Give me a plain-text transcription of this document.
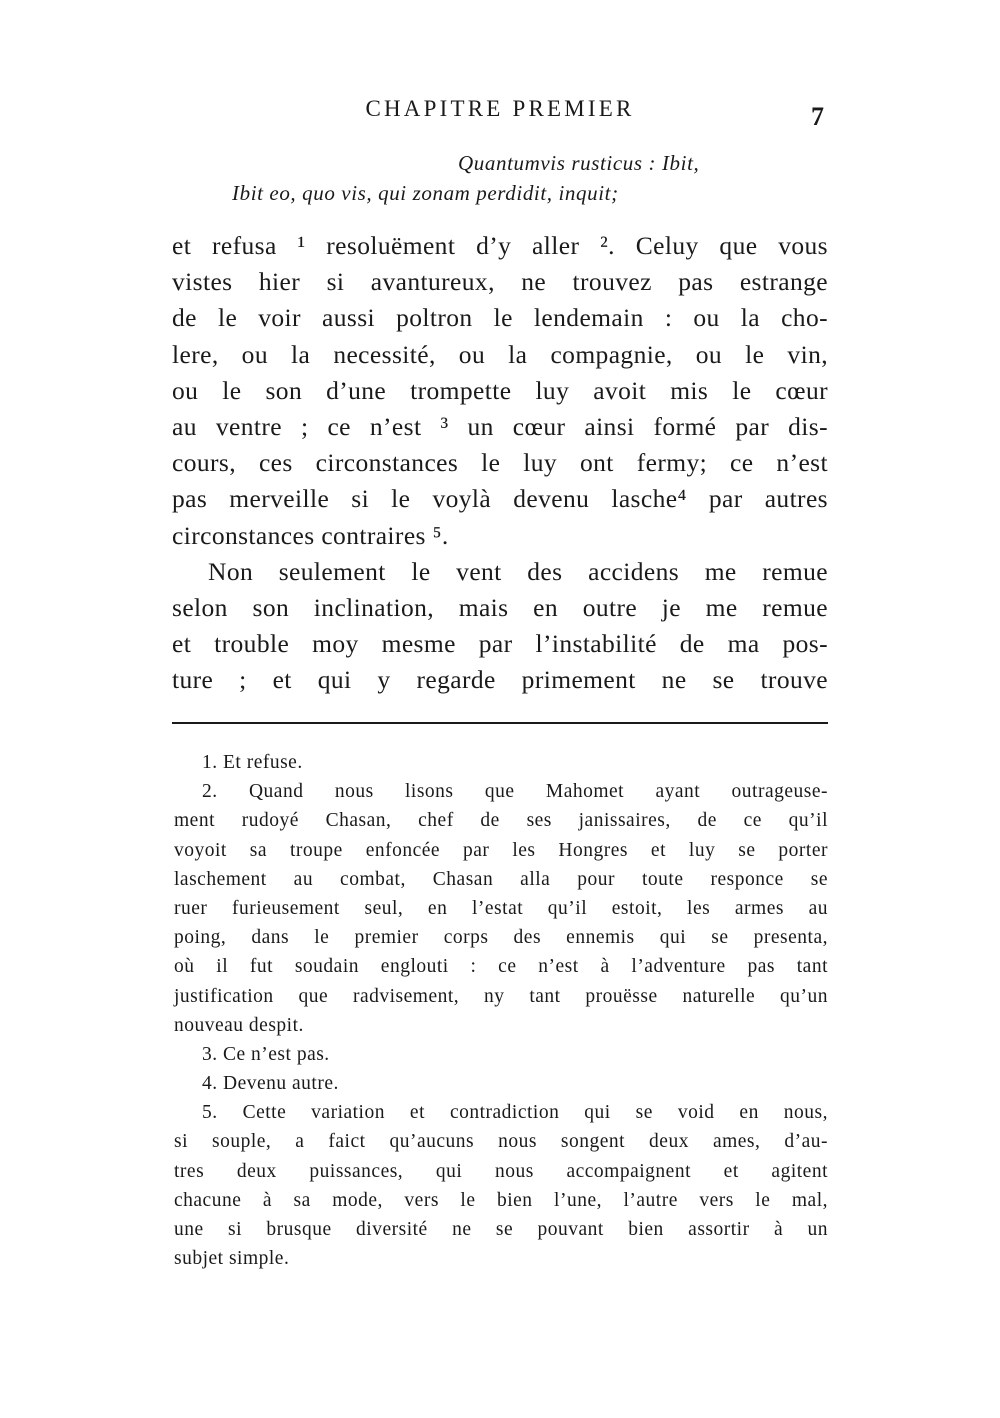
CHAPITRE PREMIER	7
Quantumvis rusticus : Ibit,
Ibit eo, quo vis, qui zonam perdidit, inquit;

et refusa ¹ resoluëment d’y aller ². Celuy que vous
vistes hier si avantureux, ne trouvez pas estrange
de le voir aussi poltron le lendemain : ou la cho-
lere, ou la necessité, ou la compagnie, ou le vin,
ou le son d’une trompette luy avoit mis le cœur
au ventre ; ce n’est ³ un cœur ainsi formé par dis-
cours, ces circonstances le luy ont fermy; ce n’est
pas merveille si le voylà devenu lasche⁴ par autres
circonstances contraires ⁵.

Non seulement le vent des accidens me remue
selon son inclination, mais en outre je me remue
et trouble moy mesme par l’instabilité de ma pos-
ture ; et qui y regarde primement ne se trouve

1. Et refuse.

2. Quand nous lisons que Mahomet ayant outrageuse-
ment rudoyé Chasan, chef de ses janissaires, de ce qu’il
voyoit sa troupe enfoncée par les Hongres et luy se porter
laschement au combat, Chasan alla pour toute responce se
ruer furieusement seul, en l’estat qu’il estoit, les armes au
poing, dans le premier corps des ennemis qui se presenta,
où il fut soudain englouti : ce n’est à l’adventure pas tant
justification que radvisement, ny tant prouësse naturelle qu’un
nouveau despit.

3. Ce n’est pas.

4. Devenu autre.

5. Cette variation et contradiction qui se void en nous,
si souple, a faict qu’aucuns nous songent deux ames, d’au-
tres deux puissances, qui nous accompaignent et agitent
chacune à sa mode, vers le bien l’une, l’autre vers le mal,
une si brusque diversité ne se pouvant bien assortir à un
subjet simple.
